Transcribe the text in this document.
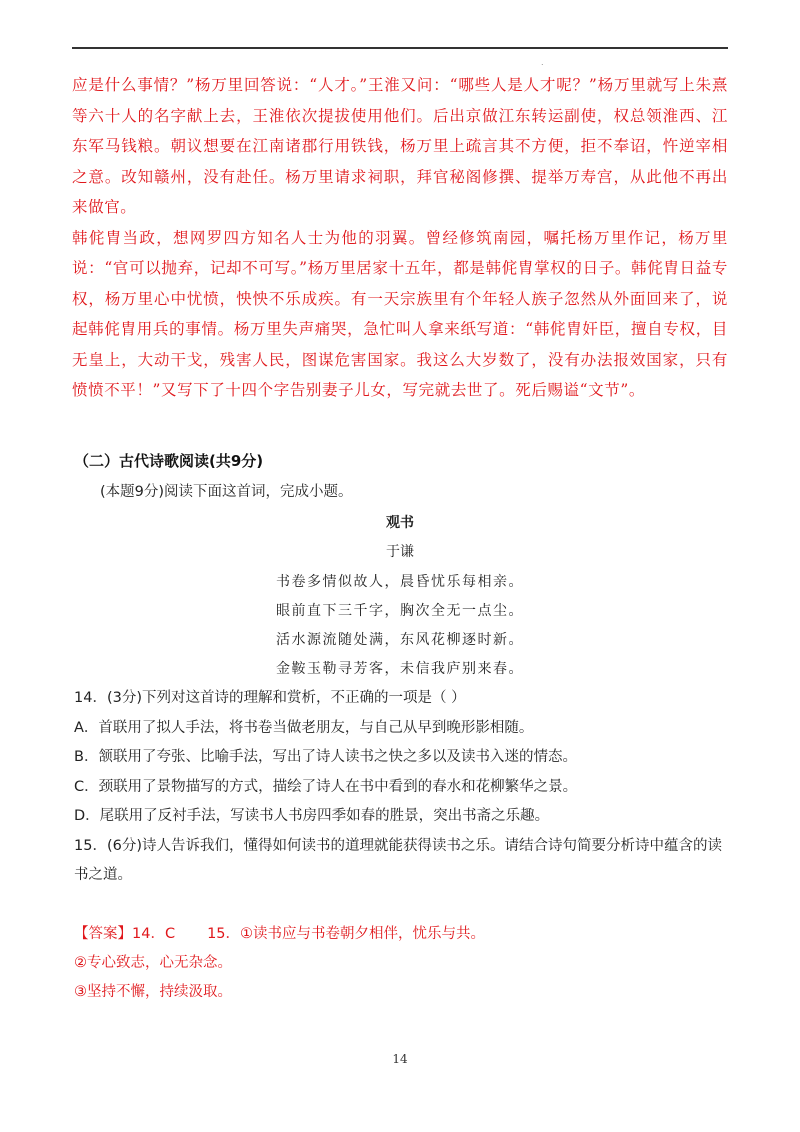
.

应是什么事情？”杨万里回答说：“人才。”王淮又问：“哪些人是人才呢？”杨万里就写上朱熹等六十人的名字献上去，王淮依次提拔使用他们。后出京做江东转运副使，权总领淮西、江东军马钱粮。朝议想要在江南诸郡行用铁钱，杨万里上疏言其不方便，拒不奉诏，忤逆宰相之意。改知赣州，没有赴任。杨万里请求祠职，拜官秘阁修撰、提举万寿宫，从此他不再出来做官。

韩侂胄当政，想网罗四方知名人士为他的羽翼。曾经修筑南园，嘱托杨万里作记，杨万里说：“官可以抛弃，记却不可写。”杨万里居家十五年，都是韩侂胄掌权的日子。韩侂胄日益专权，杨万里心中忧愤，怏怏不乐成疾。有一天宗族里有个年轻人族子忽然从外面回来了，说起韩侂胄用兵的事情。杨万里失声痛哭，急忙叫人拿来纸写道：“韩侂胄奸臣，擅自专权，目无皇上，大动干戈，残害人民，图谋危害国家。我这么大岁数了，没有办法报效国家，只有愤愤不平！”又写下了十四个字告别妻子儿女，写完就去世了。死后赐谥“文节”。

（二）古代诗歌阅读(共9分)
(本题9分)阅读下面这首词，完成小题。
观书
于谦
书卷多情似故人，晨昏忧乐每相亲。
眼前直下三千字，胸次全无一点尘。
活水源流随处满，东风花柳逐时新。
金鞍玉勒寻芳客，未信我庐别来春。

14．(3分)下列对这首诗的理解和赏析，不正确的一项是（ ）

A．首联用了拟人手法，将书卷当做老朋友，与自己从早到晚形影相随。

B．颔联用了夸张、比喻手法，写出了诗人读书之快之多以及读书入迷的情态。

C．颈联用了景物描写的方式，描绘了诗人在书中看到的春水和花柳繁华之景。

D．尾联用了反衬手法，写读书人书房四季如春的胜景，突出书斋之乐趣。

15．(6分)诗人告诉我们，懂得如何读书的道理就能获得读书之乐。请结合诗句简要分析诗中蕴含的读书之道。

【答案】14．C 15．①读书应与书卷朝夕相伴，忧乐与共。

②专心致志，心无杂念。

③坚持不懈，持续汲取。

14
